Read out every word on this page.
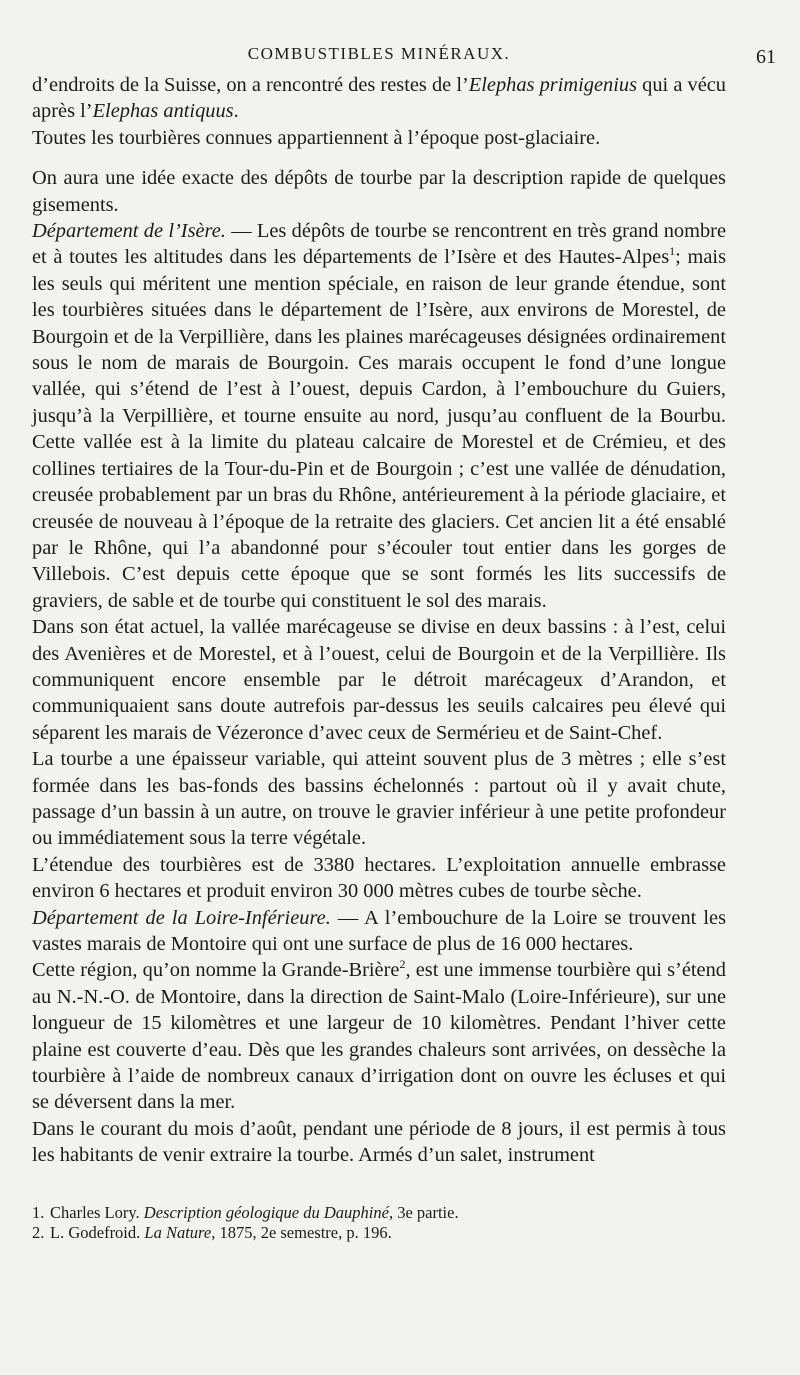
COMBUSTIBLES MINÉRAUX.	61

d’endroits de la Suisse, on a rencontré des restes de l’Elephas primigenius qui a vécu après l’Elephas antiquus.

Toutes les tourbières connues appartiennent à l’époque post-glaciaire.

On aura une idée exacte des dépôts de tourbe par la description rapide de quelques gisements.

Département de l’Isère. — Les dépôts de tourbe se rencontrent en très grand nombre et à toutes les altitudes dans les départements de l’Isère et des Hautes-Alpes$^1$; mais les seuls qui méritent une mention spéciale, en raison de leur grande étendue, sont les tourbières situées dans le département de l’Isère, aux environs de Morestel, de Bourgoin et de la Verpillière, dans les plaines marécageuses désignées ordinairement sous le nom de marais de Bourgoin. Ces marais occupent le fond d’une longue vallée, qui s’étend de l’est à l’ouest, depuis Cardon, à l’embouchure du Guiers, jusqu’à la Verpillière, et tourne ensuite au nord, jusqu’au confluent de la Bourbu. Cette vallée est à la limite du plateau calcaire de Morestel et de Crémieu, et des collines tertiaires de la Tour-du-Pin et de Bourgoin ; c’est une vallée de dénudation, creusée probablement par un bras du Rhône, antérieurement à la période glaciaire, et creusée de nouveau à l’époque de la retraite des glaciers. Cet ancien lit a été ensablé par le Rhône, qui l’a abandonné pour s’écouler tout entier dans les gorges de Villebois. C’est depuis cette époque que se sont formés les lits successifs de graviers, de sable et de tourbe qui constituent le sol des marais.

Dans son état actuel, la vallée marécageuse se divise en deux bassins : à l’est, celui des Avenières et de Morestel, et à l’ouest, celui de Bourgoin et de la Verpillière. Ils communiquent encore ensemble par le détroit marécageux d’Arandon, et communiquaient sans doute autrefois par-dessus les seuils calcaires peu élevé qui séparent les marais de Vézeronce d’avec ceux de Sermérieu et de Saint-Chef.

La tourbe a une épaisseur variable, qui atteint souvent plus de 3 mètres ; elle s’est formée dans les bas-fonds des bassins échelonnés : partout où il y avait chute, passage d’un bassin à un autre, on trouve le gravier inférieur à une petite profondeur ou immédiatement sous la terre végétale.

L’étendue des tourbières est de 3380 hectares. L’exploitation annuelle embrasse environ 6 hectares et produit environ 30 000 mètres cubes de tourbe sèche.

Département de la Loire-Inférieure. — A l’embouchure de la Loire se trouvent les vastes marais de Montoire qui ont une surface de plus de 16 000 hectares.

Cette région, qu’on nomme la Grande-Brière$^2$, est une immense tourbière qui s’étend au N.-N.-O. de Montoire, dans la direction de Saint-Malo (Loire-Inférieure), sur une longueur de 15 kilomètres et une largeur de 10 kilomètres. Pendant l’hiver cette plaine est couverte d’eau. Dès que les grandes chaleurs sont arrivées, on dessèche la tourbière à l’aide de nombreux canaux d’irrigation dont on ouvre les écluses et qui se déversent dans la mer.

Dans le courant du mois d’août, pendant une période de 8 jours, il est permis à tous les habitants de venir extraire la tourbe. Armés d’un salet, instrument

1. Charles Lory. Description géologique du Dauphiné, 3e partie.

2. L. Godefroid. La Nature, 1875, 2e semestre, p. 196.
